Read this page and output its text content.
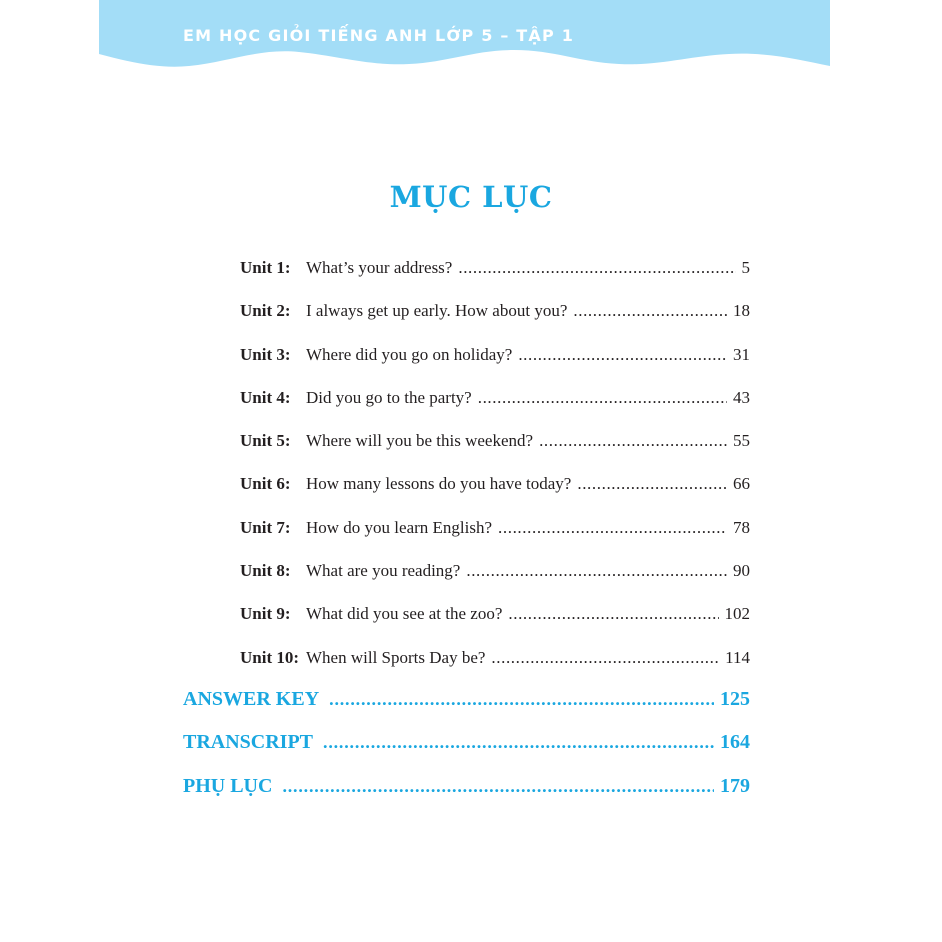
EM HỌC GIỎI TIẾNG ANH LỚP 5 – TẬP 1
MỤC LỤC
Unit 1: What’s your address? .....	5
Unit 2: I always get up early. How about you? .....	18
Unit 3: Where did you go on holiday? .....	31
Unit 4: Did you go to the party? .....	43
Unit 5: Where will you be this weekend? .....	55
Unit 6: How many lessons do you have today? .....	66
Unit 7: How do you learn English? .....	78
Unit 8: What are you reading? .....	90
Unit 9: What did you see at the zoo? .....	102
Unit 10: When will Sports Day be? .....	114
ANSWER KEY .....	125
TRANSCRIPT .....	164
PHỤ LỤC .....	179
